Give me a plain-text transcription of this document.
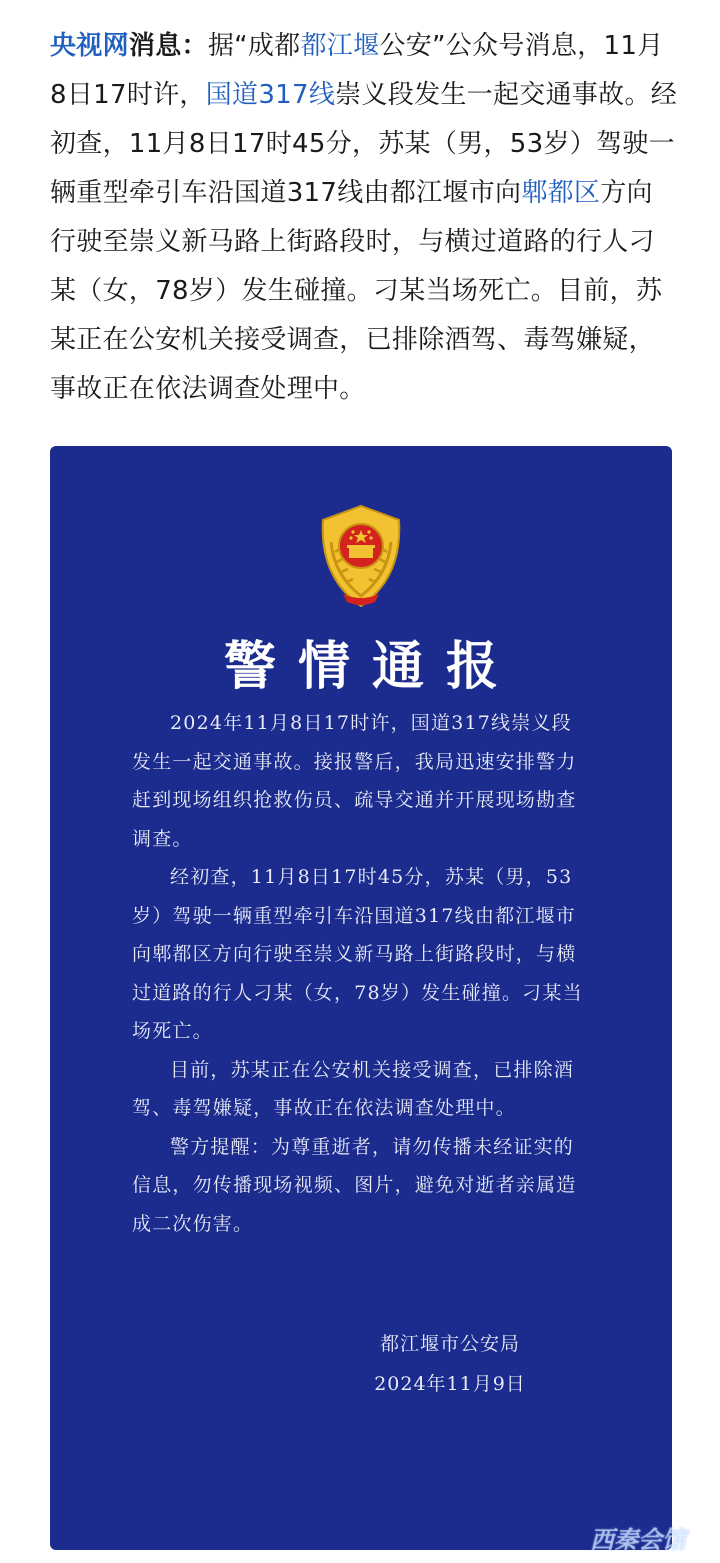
央视网消息：据“成都都江堰公安”公众号消息，11月8日17时许，国道317线崇义段发生一起交通事故。经初查，11月8日17时45分，苏某（男，53岁）驾驶一辆重型牵引车沿国道317线由都江堰市向郫都区方向行驶至崇义新马路上街路段时，与横过道路的行人刁某（女，78岁）发生碰撞。刁某当场死亡。目前，苏某正在公安机关接受调查，已排除酒驾、毒驾嫌疑，事故正在依法调查处理中。
警情通报

2024年11月8日17时许，国道317线崇义段发生一起交通事故。接报警后，我局迅速安排警力赶到现场组织抢救伤员、疏导交通并开展现场勘查调查。

经初查，11月8日17时45分，苏某（男，53岁）驾驶一辆重型牵引车沿国道317线由都江堰市向郫都区方向行驶至崇义新马路上街路段时，与横过道路的行人刁某（女，78岁）发生碰撞。刁某当场死亡。

目前，苏某正在公安机关接受调查，已排除酒驾、毒驾嫌疑，事故正在依法调查处理中。

警方提醒：为尊重逝者，请勿传播未经证实的信息，勿传播现场视频、图片，避免对逝者亲属造成二次伤害。

都江堰市公安局
2024年11月9日
西秦会馆
